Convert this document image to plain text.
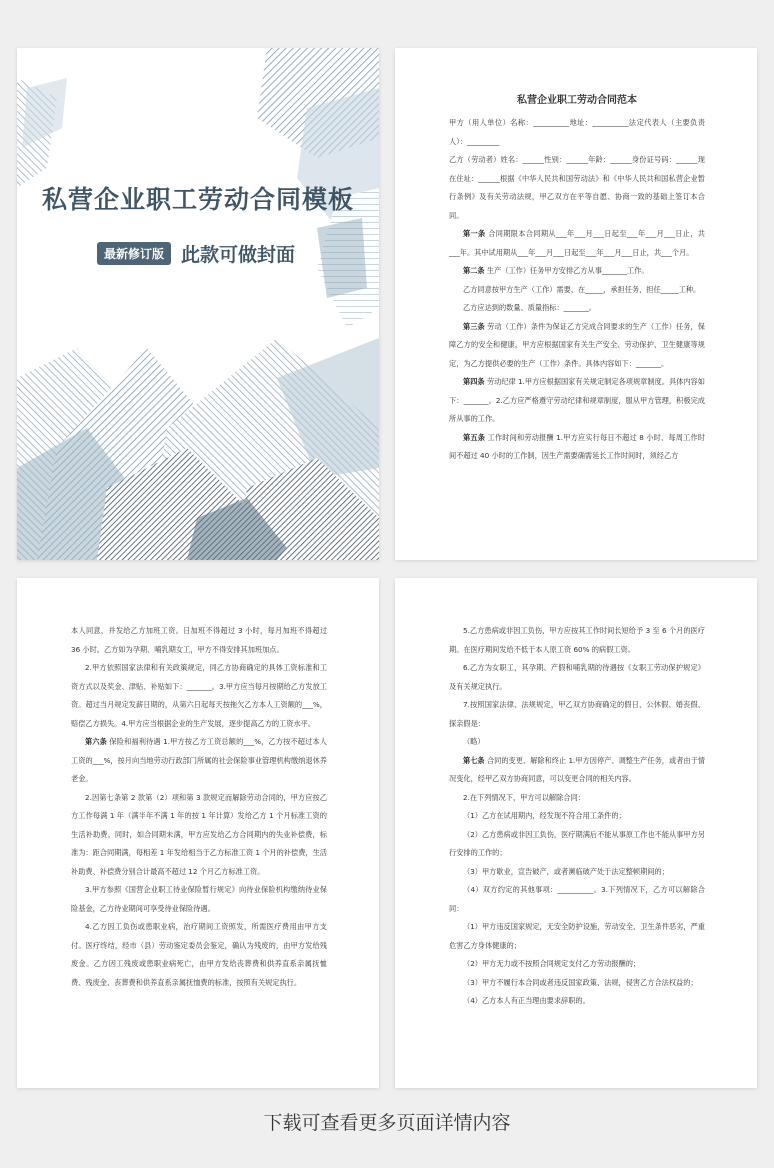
私营企业职工劳动合同模板
最新修订版 此款可做封面
私营企业职工劳动合同范本

甲方（用人单位）名称：__________地址：__________法定代表人（主要负责人）：_________

乙方（劳动者）姓名：______性别：______年龄：______身份证号码：______现在住址：______根据《中华人民共和国劳动法》和《中华人民共和国私营企业暂行条例》及有关劳动法规，甲乙双方在平等自愿、协商一致的基础上签订本合同。

第一条 合同期限本合同期从___年___月___日起至___年___月___日止，共___年。其中试用期从___年___月___日起至___年___月___日止，共___个月。

第二条 生产（工作）任务甲方安排乙方从事_______工作。

乙方同意按甲方生产（工作）需要，在_____，承担任务，担任_____工种。

乙方应达到的数量、质量指标：_______。

第三条 劳动（工作）条件为保证乙方完成合同要求的生产（工作）任务，保障乙方的安全和健康，甲方应根据国家有关生产安全、劳动保护、卫生健康等规定，为乙方提供必要的生产（工作）条件。具体内容如下：_______。

第四条 劳动纪律 1.甲方应根据国家有关规定制定各项规章制度。具体内容如下：_______。2.乙方应严格遵守劳动纪律和规章制度，服从甲方管理，积极完成所从事的工作。

第五条 工作时间和劳动报酬 1.甲方应实行每日不超过 8 小时、每周工作时间不超过 40 小时的工作制，因生产需要确需延长工作时间时，须经乙方

本人同意，并发给乙方加班工资。日加班不得超过 3 小时，每月加班不得超过 36 小时。乙方如为孕期、哺乳期女工，甲方不得安排其加班加点。

2.甲方依照国家法律和有关政策规定，同乙方协商确定的具体工资标准和工资方式以及奖金、津贴、补贴如下：_______。3.甲方应当每月按期给乙方发放工资。超过当月规定发薪日期的，从第六日起每天按拖欠乙方本人工资额的___%，赔偿乙方损失。4.甲方应当根据企业的生产发展，逐步提高乙方的工资水平。

第六条 保险和福利待遇 1.甲方按乙方工资总额的___%，乙方按不超过本人工资的___%，按月向当地劳动行政部门所属的社会保险事业管理机构缴纳退休养老金。

2.因第七条第 2 款第（2）项和第 3 款规定而解除劳动合同的，甲方应按乙方工作每满 1 年（满半年不满 1 年的按 1 年计算）发给乙方 1 个月标准工资的生活补助费。同时，如合同期未满，甲方应发给乙方合同期内的失业补偿费，标准为：距合同期满，每相差 1 年发给相当于乙方标准工资 1 个月的补偿费，生活补助费、补偿费分别合计最高不超过 12 个月乙方标准工资。

3.甲方参照《国营企业职工待业保险暂行规定》向待业保险机构缴纳待业保险基金，乙方待业期间可享受待业保险待遇。

4.乙方因工负伤或患职业病，治疗期间工资照发，所需医疗费用由甲方支付。医疗终结，经市（县）劳动鉴定委员会鉴定，确认为残废的，由甲方发给残废金。乙方因工残废或患职业病死亡，由甲方发给丧葬费和供养直系亲属抚恤费、残废金、丧葬费和供养直系亲属抚恤费的标准，按照有关规定执行。

5.乙方患病或非因工负伤，甲方应按其工作时间长短给予 3 至 6 个月的医疗期。在医疗期间发给不低于本人原工资 60% 的病假工资。

6.乙方为女职工，其孕期、产假和哺乳期的待遇按《女职工劳动保护规定》及有关规定执行。

7.按照国家法律、法规规定，甲乙双方协商确定的假日、公休假、婚丧假、探亲假是：

（略）

第七条 合同的变更、解除和终止 1.甲方因停产、调整生产任务，或者由于情况变化，经甲乙双方协商同意，可以变更合同的相关内容。

2.在下列情况下，甲方可以解除合同：

（1）乙方在试用期内，经发现不符合用工条件的；

（2）乙方患病或非因工负伤，医疗期满后不能从事原工作也不能从事甲方另行安排的工作的；

（3）甲方歇业，宣告破产，或者濒临破产处于法定整顿期间的；

（4）双方约定的其他事项：__________。3.下列情况下，乙方可以解除合同：

（1）甲方违反国家规定，无安全防护设施，劳动安全、卫生条件恶劣，严重危害乙方身体健康的；

（2）甲方无力或不按照合同规定支付乙方劳动报酬的；

（3）甲方不履行本合同或者违反国家政策、法规，侵害乙方合法权益的；

（4）乙方本人有正当理由要求辞职的。

下载可查看更多页面详情内容
